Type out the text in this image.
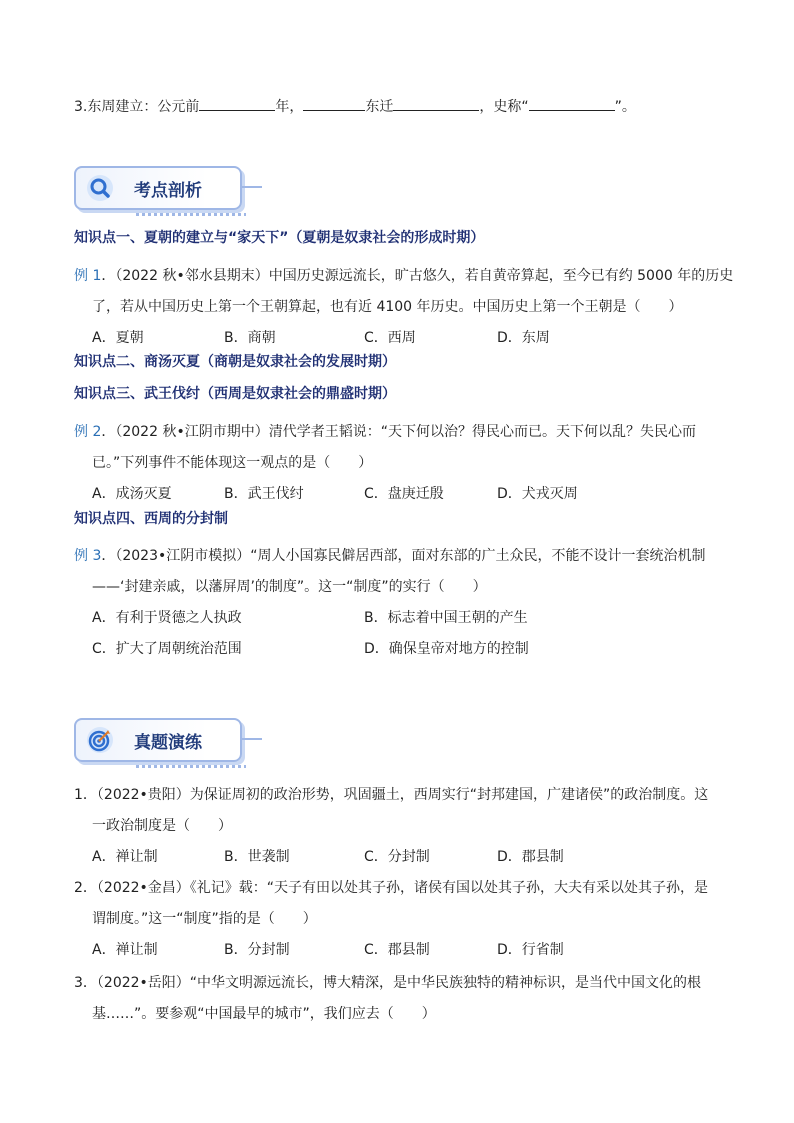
3.东周建立：公元前	年，	东迁	，史称“	”。
考点剖析
知识点一、夏朝的建立与“家天下”（夏朝是奴隶社会的形成时期）
例 1．（2022 秋•邻水县期末）中国历史源远流长，旷古悠久，若自黄帝算起，至今已有约 5000 年的历史
了，若从中国历史上第一个王朝算起，也有近 4100 年历史。中国历史上第一个王朝是（　　）
A．夏朝	B．商朝	C．西周	D．东周
知识点二、商汤灭夏（商朝是奴隶社会的发展时期）
知识点三、武王伐纣（西周是奴隶社会的鼎盛时期）
例 2．（2022 秋•江阴市期中）清代学者王韬说：“天下何以治？得民心而已。天下何以乱？失民心而
已。”下列事件不能体现这一观点的是（　　）
A．成汤灭夏	B．武王伐纣	C．盘庚迁殷	D．犬戎灭周
知识点四、西周的分封制
例 3．（2023•江阴市模拟）“周人小国寡民僻居西部，面对东部的广土众民，不能不设计一套统治机制
——‘封建亲戚，以藩屏周’的制度”。这一“制度”的实行（　　）
A．有利于贤德之人执政	B．标志着中国王朝的产生
C．扩大了周朝统治范围	D．确保皇帝对地方的控制
真题演练
1．（2022•贵阳）为保证周初的政治形势，巩固疆土，西周实行“封邦建国，广建诸侯”的政治制度。这
一政治制度是（　　）
A．禅让制	B．世袭制	C．分封制	D．郡县制
2．（2022•金昌）《礼记》载：“天子有田以处其子孙，诸侯有国以处其子孙，大夫有采以处其子孙，是
谓制度。”这一“制度”指的是（　　）
A．禅让制	B．分封制	C．郡县制	D．行省制
3．（2022•岳阳）“中华文明源远流长，博大精深，是中华民族独特的精神标识，是当代中国文化的根
基……”。要参观“中国最早的城市”，我们应去（　　）
